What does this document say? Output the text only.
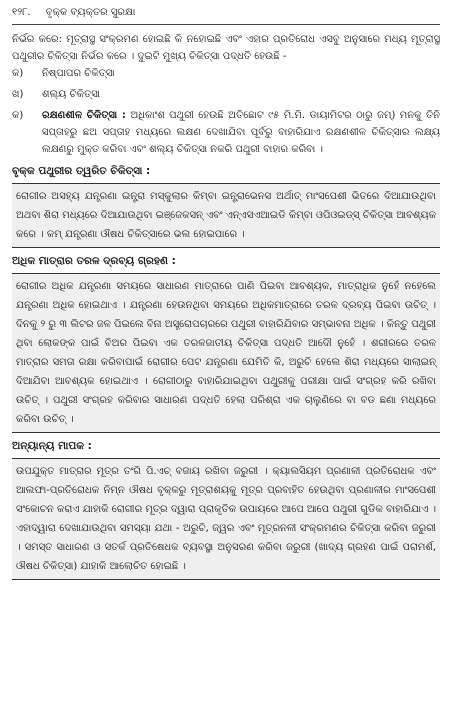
୧୨୮. ବୃକ୍କ ବ୍ୟକ୍ତର ସୁରକ୍ଷା

ନିର୍ଭର କରେ: ମୂତ୍ରାସ୍ଥ ସଂକ୍ରମଣ ହୋଇଛି କି ନହୋଇଛି ଏବଂ ଏହାର ପ୍ରତିରୋଧ ଏସବୁ ଅନୁସାରେ ମଧ୍ୟ ମୂତ୍ରାସ୍ଥ ପଥୁରୀର ଚିକିତ୍ସା ନିର୍ଭର କରେ । ଦୁଇଟି ମୁଖ୍ୟ ଚିକିତ୍ସା ପଦ୍ଧତି ହେଉଛି -

କ)	ନିଷ୍ପାପର ଚିକିତ୍ସା
ଖ)	ଶଲ୍ୟ ଚିକିତ୍ସା
କ)	ରକ୍ଷଣଶୀଳ ଚିକିତ୍ସା : ଅଧିକାଂଶ ପଥୁରୀ ହେଉଛି ଅତିଛୋଟ ୯୫ ମି.ମି. ଡାୟାମିଟର ଠାରୁ ଜମ୍) ମନକୁ ତିନି ସପ୍ତାହରୁ ଛଅ ସପ୍ତାହ ମଧ୍ୟରେ ଲକ୍ଷଣ ଦେଖାଯିବା ପୂର୍ବରୁ ବାହାରିଯାଏ ରକ୍ଷଣଶୀଳ ଚିକିତ୍ସାର ଲକ୍ଷ୍ୟ ଲକ୍ଷଣରୁ ମୁକ୍ତ କରିବା ଏବଂ ଶଲ୍ୟ ଚିକିତ୍ସା ନକରି ପଥୁରୀ ବାହାର କରିବା ।
ବୃକ୍କ ପଥୁରୀର ତ୍ୱରିତ ଚିକିତ୍ସା :

ରୋଗୀର ଅସହ୍ୟ ଯନ୍ତ୍ରଣା ଇନ୍ଟ୍ରା ମସ୍କୁଲାର କିମ୍ବା ଇନ୍ଟ୍ରାଭେନସ ଅର୍ଥାତ୍ ମାଂସପେଶୀ ଭିତରେ ଦିଆଯାଉଥିବା ଅଥବା ଶିରା ମଧ୍ୟରେ ଦିଆଯାଉଥିବା ଇଞ୍ଜେକସନ୍ ଏବଂ ଏନ୍ଏସଏଆଇଡି କିମ୍ବା ଓପିଓଇଡ୍ସ୍ ଚିକିତ୍ସା ଆବଶ୍ୟକ କରେ । କମ୍ ଯନ୍ତ୍ରଣା ଔଷଧ ଚିକିତ୍ସାରେ ଭଲ ହୋଇପାରେ ।

ଅଧିକ ମାତ୍ରାର ତରଳ ଦ୍ରବ୍ୟ ଗ୍ରହଣ :

ରୋଗୀର ଅଧିକ ଯନ୍ତ୍ରଣା ସମୟରେ ସାଧାରଣ ମାତ୍ରାରେ ପାଣି ପିଇବା ଆବଶ୍ୟକ, ମାତ୍ରାଧିକ ନୁହେଁ ନହେଲେ ଯନ୍ତ୍ରଣା ଅଧିକ ହୋଇଥାଏ । ଯନ୍ତ୍ରଣା ହେଉନଥିବା ସମୟରେ ଅଧିକମାତ୍ରାରେ ତରଳ ଦ୍ରବ୍ୟ ପିଇବା ଉଚିତ୍ । ଦିନକୁ ୨ ରୁ ୩ ଲିଟର ଜଳ ପିଇଲେ ବିନା ଅସ୍ତ୍ରୋପଚାରରେ ପଥୁରୀ ବାହାରିଯିବାର ସମ୍ଭାବନା ଅଧିକ । କିନ୍ତୁ ପଥୁରୀ ଥିବା ଲୋକଙ୍କ ପାଇଁ ବିଅର ପିଇବା ଏକ ତରଳଜାତୀୟ ଚିକିତ୍ସା ପଦ୍ଧତି ଆଦୌ ନୁହେଁ । ଶରୀରରେ ତରଳ ମାତ୍ରାର ସମତା ରକ୍ଷା କରିବାପାଇଁ ରୋଗୀର ପେଟ ଯନ୍ତ୍ରଣା ଯେମିତି କି, ଅରୁଚି ହେଲେ ଶିରା ମଧ୍ୟରେ ସାଲାଇନ୍ ଦିଆଯିବା ଆବଶ୍ୟକ ହୋଇଥାଏ । ରୋଗୀଠାରୁ ବାହାରିଯାଇଥିବା ପଥୁରୀକୁ ପରୀକ୍ଷା ପାଇଁ ସଂଗ୍ରହ କରି ରଖିବା ଉଚିତ୍ । ପଥୁରୀ ସଂଗ୍ରହ କରିବାର ସାଧାରଣ ପଦ୍ଧତି ହେଲା ପରିଶ୍ରା ଏକ ଚାଲୁଣିରେ ବା ବଡ ଛଣା ମଧ୍ୟରେ କରିବା ଉଚିତ୍ ।

ଅନ୍ୟାନ୍ୟ ମାପକ :

ଉପଯୁକ୍ତ ମାତ୍ରାର ମୂତ୍ର ତଂଗି ପି.ଏଚ୍ ବଜାୟ ରଖିବା ଜରୁରୀ । କ୍ୟାଲସିୟମ ପ୍ରଣାଳୀ ପ୍ରତିରୋଧକ ଏବଂ ଆଲଫା-ପ୍ରତିରୋଧକ ନିମ୍ନ ଔଷଧ ବୃକ୍କରୁ ମୂତ୍ରାଶୟକୁ ମୂତ୍ର ପ୍ରବାହିତ ହେଉଥିବା ପ୍ରଣାଳୀର ମାଂସପେଶୀ ସଂକୋଚନ କରାଏ ଯାହାକି ରୋଗୀର ମୂତ୍ର ଦ୍ୱାରା ପ୍ରାକୃତିକ ଉପାୟରେ ଆପେ ଆପେ ପଥୁରୀ ଗୁଡିକ ବାହାରିଯାଏ । ଏହାଦ୍ୱାରା ଦେଖାଯାଉଥିବା ସମସ୍ୟା ଯଥା - ଅରୁଚି, ଜ୍ୱର ଏବଂ ମୂତ୍ରନଳୀ ସଂକ୍ରମଣର ଚିକିତ୍ସା କରିବା ଜରୁରୀ । ସମସ୍ତ ସାଧାରଣ ଓ ସତର୍କ ପ୍ରତିଷେଧକ ବ୍ୟବସ୍ଥା ଅନୁସରଣ କରିବା ଜରୁରୀ (ଖାଦ୍ୟ ଗ୍ରହଣ ପାଇଁ ପରାମର୍ଶ, ଔଷଧ ଚିକିତ୍ସା) ଯାହାକି ଆଲୋଚିତ ହୋଇଛି ।
